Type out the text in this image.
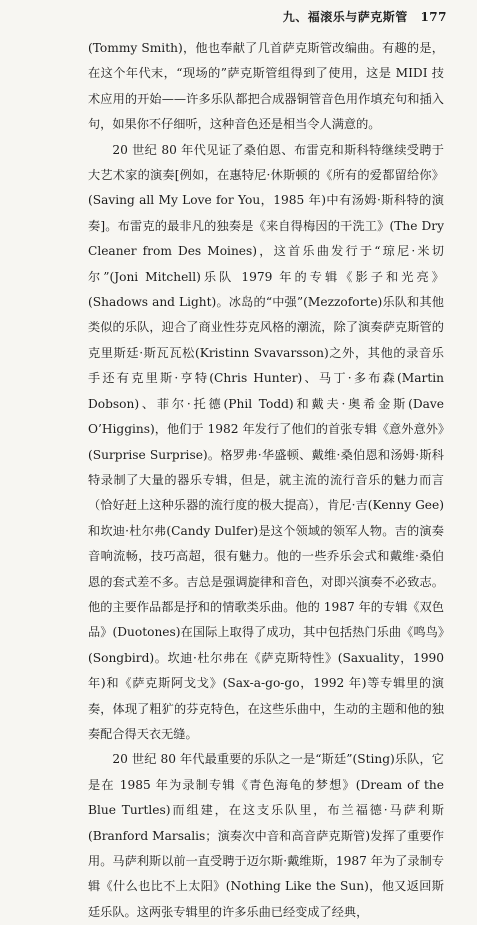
九、福滚乐与萨克斯管 177

(Tommy Smith)，他也奉献了几首萨克斯管改编曲。有趣的是，在这个年代末，“现场的”萨克斯管组得到了使用，这是 MIDI 技术应用的开始——许多乐队都把合成器铜管音色用作填充句和插入句，如果你不仔细听，这种音色还是相当令人满意的。

20 世纪 80 年代见证了桑伯恩、布雷克和斯科特继续受聘于大艺术家的演奏[例如，在惠特尼·休斯顿的《所有的爱都留给你》(Saving all My Love for You，1985 年)中有汤姆·斯科特的演奏]。布雷克的最非凡的独奏是《来自得梅因的干洗工》(The Dry Cleaner from Des Moines)，这首乐曲发行于“琼尼·米切尔”(Joni Mitchell)乐队 1979 年的专辑《影子和光亮》(Shadows and Light)。冰岛的“中强”(Mezzoforte)乐队和其他类似的乐队，迎合了商业性芬克风格的潮流，除了演奏萨克斯管的克里斯廷·斯瓦瓦松(Kristinn Svavarsson)之外，其他的录音乐手还有克里斯·亨特(Chris Hunter)、马丁·多布森(Martin Dobson)、菲尔·托德(Phil Todd)和戴夫·奥希金斯(Dave O’Higgins)，他们于 1982 年发行了他们的首张专辑《意外意外》(Surprise Surprise)。格罗弗·华盛顿、戴维·桑伯恩和汤姆·斯科特录制了大量的器乐专辑，但是，就主流的流行音乐的魅力而言（恰好赶上这种乐器的流行度的极大提高），肯尼·吉(Kenny Gee)和坎迪·杜尔弗(Candy Dulfer)是这个领域的领军人物。吉的演奏音响流畅，技巧高超，很有魅力。他的一些乔乐会式和戴维·桑伯恩的套式差不多。吉总是强调旋律和音色，对即兴演奏不必致志。他的主要作品都是抒和的情歌类乐曲。他的 1987 年的专辑《双色品》(Duotones)在国际上取得了成功，其中包括热门乐曲《鸣鸟》(Songbird)。坎迪·杜尔弗在《萨克斯特性》(Saxuality，1990 年)和《萨克斯阿戈戈》(Sax-a-go-go，1992 年)等专辑里的演奏，体现了粗犷的芬克特色，在这些乐曲中，生动的主题和他的独奏配合得天衣无缝。

20 世纪 80 年代最重要的乐队之一是“斯廷”(Sting)乐队，它是在 1985 年为录制专辑《青色海龟的梦想》(Dream of the Blue Turtles)而组建，在这支乐队里，布兰福德·马萨利斯(Branford Marsalis；演奏次中音和高音萨克斯管)发挥了重要作用。马萨利斯以前一直受聘于迈尔斯·戴维斯，1987 年为了录制专辑《什么也比不上太阳》(Nothing Like the Sun)，他又返回斯廷乐队。这两张专辑里的许多乐曲已经变成了经典，
